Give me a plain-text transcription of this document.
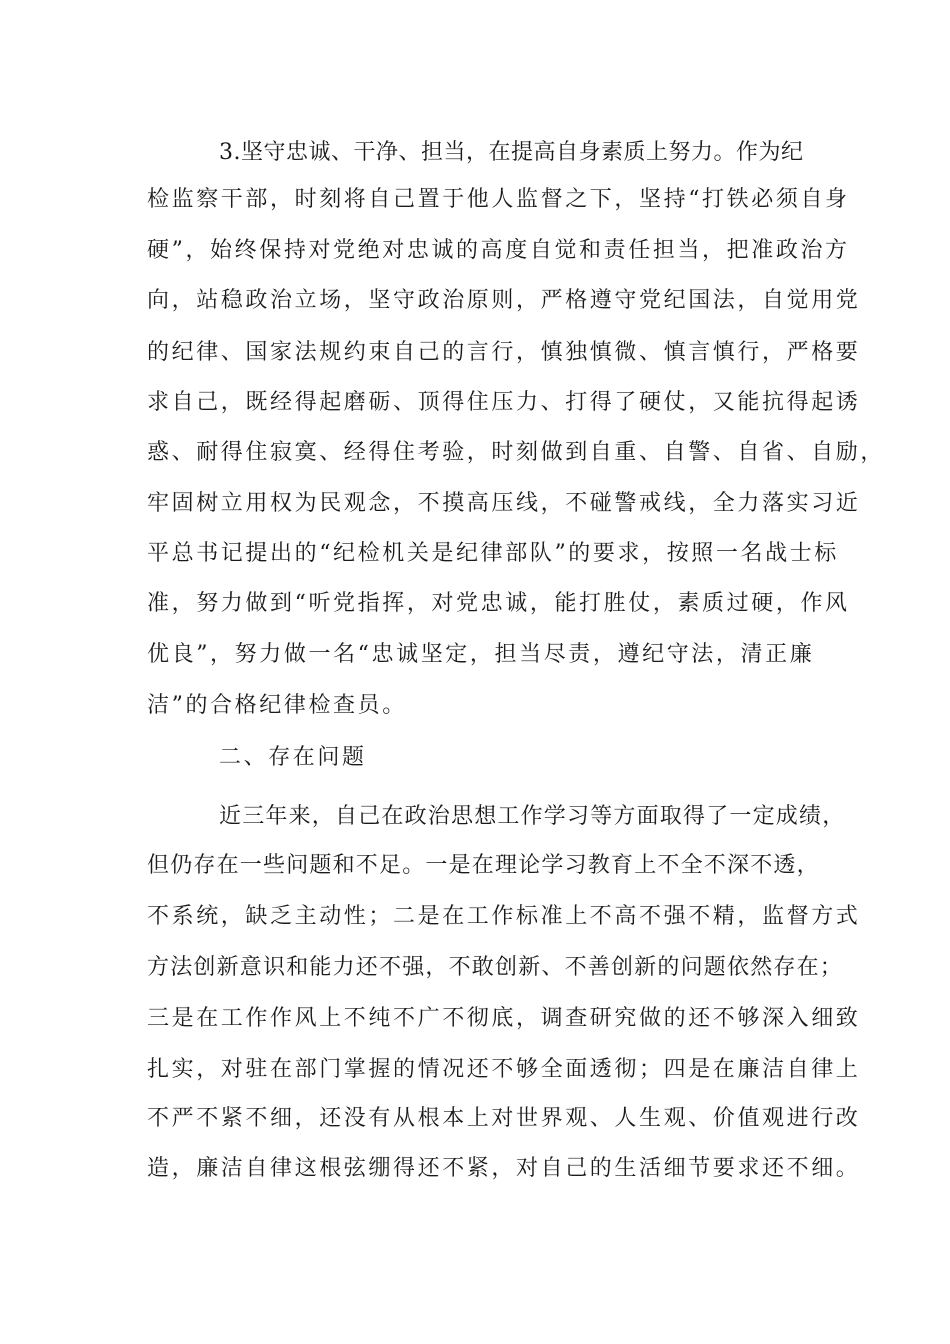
3.坚守忠诚、干净、担当，在提高自身素质上努力。作为纪
检监察干部，时刻将自己置于他人监督之下，坚持“打铁必须自身
硬”，始终保持对党绝对忠诚的高度自觉和责任担当，把准政治方
向，站稳政治立场，坚守政治原则，严格遵守党纪国法，自觉用党
的纪律、国家法规约束自己的言行，慎独慎微、慎言慎行，严格要
求自己，既经得起磨砺、顶得住压力、打得了硬仗，又能抗得起诱
惑、耐得住寂寞、经得住考验，时刻做到自重、自警、自省、自励，
牢固树立用权为民观念，不摸高压线，不碰警戒线，全力落实习近
平总书记提出的“纪检机关是纪律部队”的要求，按照一名战士标
准，努力做到“听党指挥，对党忠诚，能打胜仗，素质过硬，作风
优良”，努力做一名“忠诚坚定，担当尽责，遵纪守法，清正廉
洁”的合格纪律检查员。
二、存在问题
近三年来，自己在政治思想工作学习等方面取得了一定成绩，
但仍存在一些问题和不足。一是在理论学习教育上不全不深不透，
不系统，缺乏主动性；二是在工作标准上不高不强不精，监督方式
方法创新意识和能力还不强，不敢创新、不善创新的问题依然存在；
三是在工作作风上不纯不广不彻底，调查研究做的还不够深入细致
扎实，对驻在部门掌握的情况还不够全面透彻；四是在廉洁自律上
不严不紧不细，还没有从根本上对世界观、人生观、价值观进行改
造，廉洁自律这根弦绷得还不紧，对自己的生活细节要求还不细。
